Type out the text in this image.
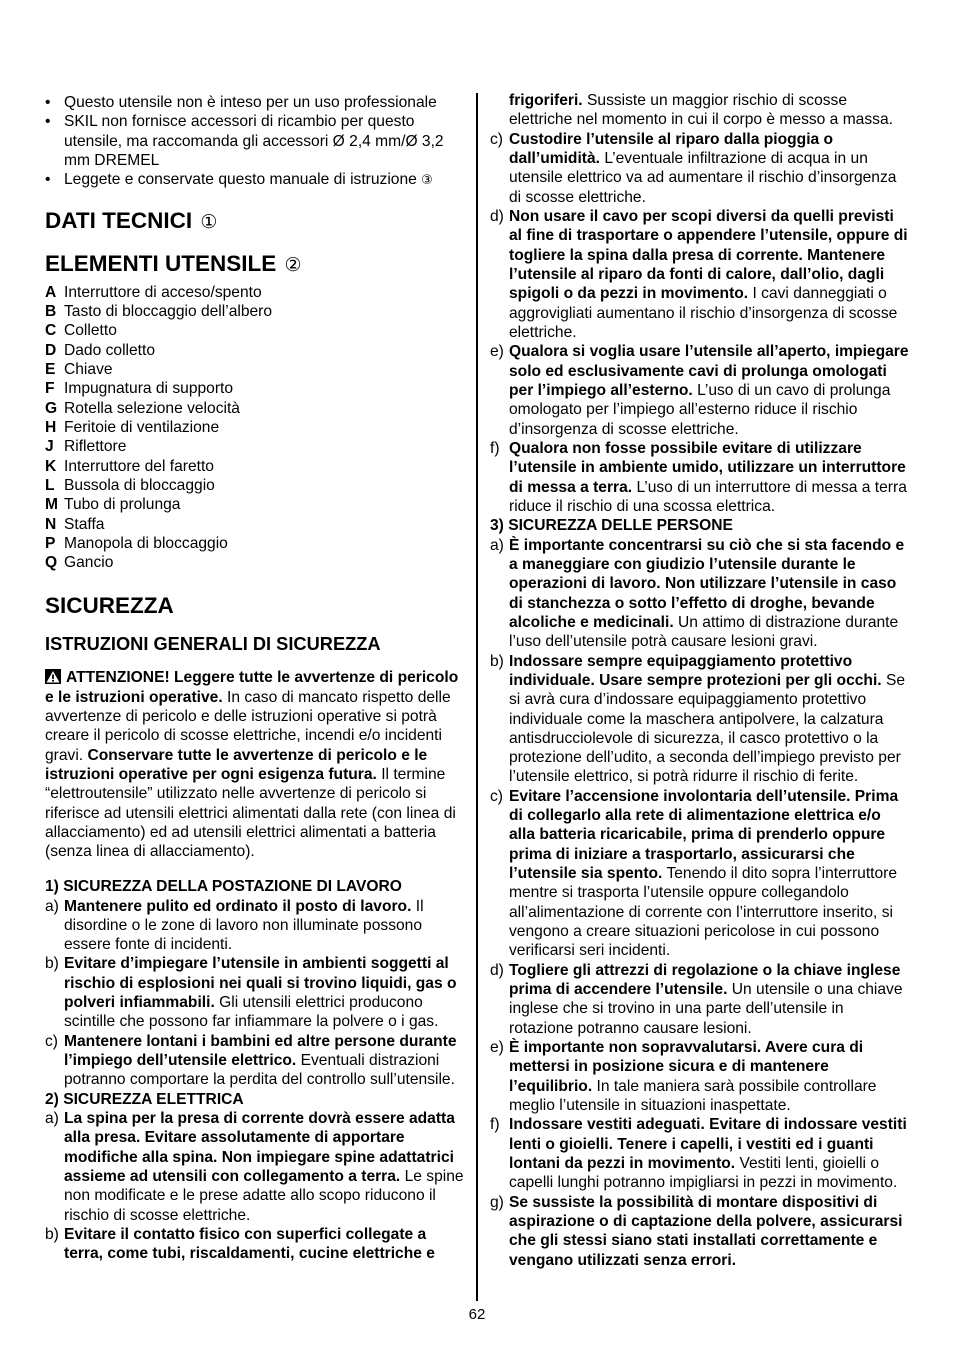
•
Questo utensile non è inteso per un uso professionale
•
SKIL non fornisce accessori di ricambio per questo utensile, ma raccomanda gli accessori Ø 2,4 mm/Ø 3,2 mm DREMEL
•
Leggete e conservate questo manuale di istruzione ③
DATI TECNICI ①
ELEMENTI UTENSILE ②
A Interruttore di acceso/spento
B Tasto di bloccaggio dell’albero
C Colletto
D Dado colletto
E Chiave
F Impugnatura di supporto
G Rotella selezione velocità
H Feritoie di ventilazione
J Riflettore
K Interruttore del faretto
L Bussola di bloccaggio
M Tubo di prolunga
N Staffa
P Manopola di bloccaggio
Q Gancio
SICUREZZA
ISTRUZIONI GENERALI DI SICUREZZA

ATTENZIONE! Leggere tutte le avvertenze di pericolo e le istruzioni operative. In caso di mancato rispetto delle avvertenze di pericolo e delle istruzioni operative si potrà creare il pericolo di scosse elettriche, incendi e/o incidenti gravi. Conservare tutte le avvertenze di pericolo e le istruzioni operative per ogni esigenza futura. Il termine “elettroutensile” utilizzato nelle avvertenze di pericolo si riferisce ad utensili elettrici alimentati dalla rete (con linea di allacciamento) ed ad utensili elettrici alimentati a batteria (senza linea di allacciamento).

1) SICUREZZA DELLA POSTAZIONE DI LAVORO
a) Mantenere pulito ed ordinato il posto di lavoro. Il disordine o le zone di lavoro non illuminate possono essere fonte di incidenti.
b) Evitare d’impiegare l’utensile in ambienti soggetti al rischio di esplosioni nei quali si trovino liquidi, gas o polveri infiammabili. Gli utensili elettrici producono scintille che possono far infiammare la polvere o i gas.
c) Mantenere lontani i bambini ed altre persone durante l’impiego dell’utensile elettrico. Eventuali distrazioni potranno comportare la perdita del controllo sull’utensile.
2) SICUREZZA ELETTRICA
a) La spina per la presa di corrente dovrà essere adatta alla presa. Evitare assolutamente di apportare modifiche alla spina. Non impiegare spine adattatrici assieme ad utensili con collegamento a terra. Le spine non modificate e le prese adatte allo scopo riducono il rischio di scosse elettriche.
b) Evitare il contatto fisico con superfici collegate a terra, come tubi, riscaldamenti, cucine elettriche e
frigoriferi. Sussiste un maggior rischio di scosse elettriche nel momento in cui il corpo è messo a massa.
c) Custodire l’utensile al riparo dalla pioggia o dall’umidità. L’eventuale infiltrazione di acqua in un utensile elettrico va ad aumentare il rischio d’insorgenza di scosse elettriche.
d) Non usare il cavo per scopi diversi da quelli previsti al fine di trasportare o appendere l’utensile, oppure di togliere la spina dalla presa di corrente. Mantenere l’utensile al riparo da fonti di calore, dall’olio, dagli spigoli o da pezzi in movimento. I cavi danneggiati o aggrovigliati aumentano il rischio d’insorgenza di scosse elettriche.
e) Qualora si voglia usare l’utensile all’aperto, impiegare solo ed esclusivamente cavi di prolunga omologati per l’impiego all’esterno. L’uso di un cavo di prolunga omologato per l’impiego all’esterno riduce il rischio d’insorgenza di scosse elettriche.
f) Qualora non fosse possibile evitare di utilizzare l’utensile in ambiente umido, utilizzare un interruttore di messa a terra. L’uso di un interruttore di messa a terra riduce il rischio di una scossa elettrica.
3) SICUREZZA DELLE PERSONE
a) È importante concentrarsi su ciò che si sta facendo e a maneggiare con giudizio l’utensile durante le operazioni di lavoro. Non utilizzare l’utensile in caso di stanchezza o sotto l’effetto di droghe, bevande alcoliche e medicinali. Un attimo di distrazione durante l’uso dell’utensile potrà causare lesioni gravi.
b) Indossare sempre equipaggiamento protettivo individuale. Usare sempre protezioni per gli occhi. Se si avrà cura d’indossare equipaggiamento protettivo individuale come la maschera antipolvere, la calzatura antisdrucciolevole di sicurezza, il casco protettivo o la protezione dell’udito, a seconda dell’impiego previsto per l’utensile elettrico, si potrà ridurre il rischio di ferite.
c) Evitare l’accensione involontaria dell’utensile. Prima di collegarlo alla rete di alimentazione elettrica e/o alla batteria ricaricabile, prima di prenderlo oppure prima di iniziare a trasportarlo, assicurarsi che l’utensile sia spento. Tenendo il dito sopra l’interruttore mentre si trasporta l’utensile oppure collegandolo all’alimentazione di corrente con l’interruttore inserito, si vengono a creare situazioni pericolose in cui possono verificarsi seri incidenti.
d) Togliere gli attrezzi di regolazione o la chiave inglese prima di accendere l’utensile. Un utensile o una chiave inglese che si trovino in una parte dell’utensile in rotazione potranno causare lesioni.
e) È importante non sopravvalutarsi. Avere cura di mettersi in posizione sicura e di mantenere l’equilibrio. In tale maniera sarà possibile controllare meglio l’utensile in situazioni inaspettate.
f) Indossare vestiti adeguati. Evitare di indossare vestiti lenti o gioielli. Tenere i capelli, i vestiti ed i guanti lontani da pezzi in movimento. Vestiti lenti, gioielli o capelli lunghi potranno impigliarsi in pezzi in movimento.
g) Se sussiste la possibilità di montare dispositivi di aspirazione o di captazione della polvere, assicurarsi che gli stessi siano stati installati correttamente e vengano utilizzati senza errori.
62
